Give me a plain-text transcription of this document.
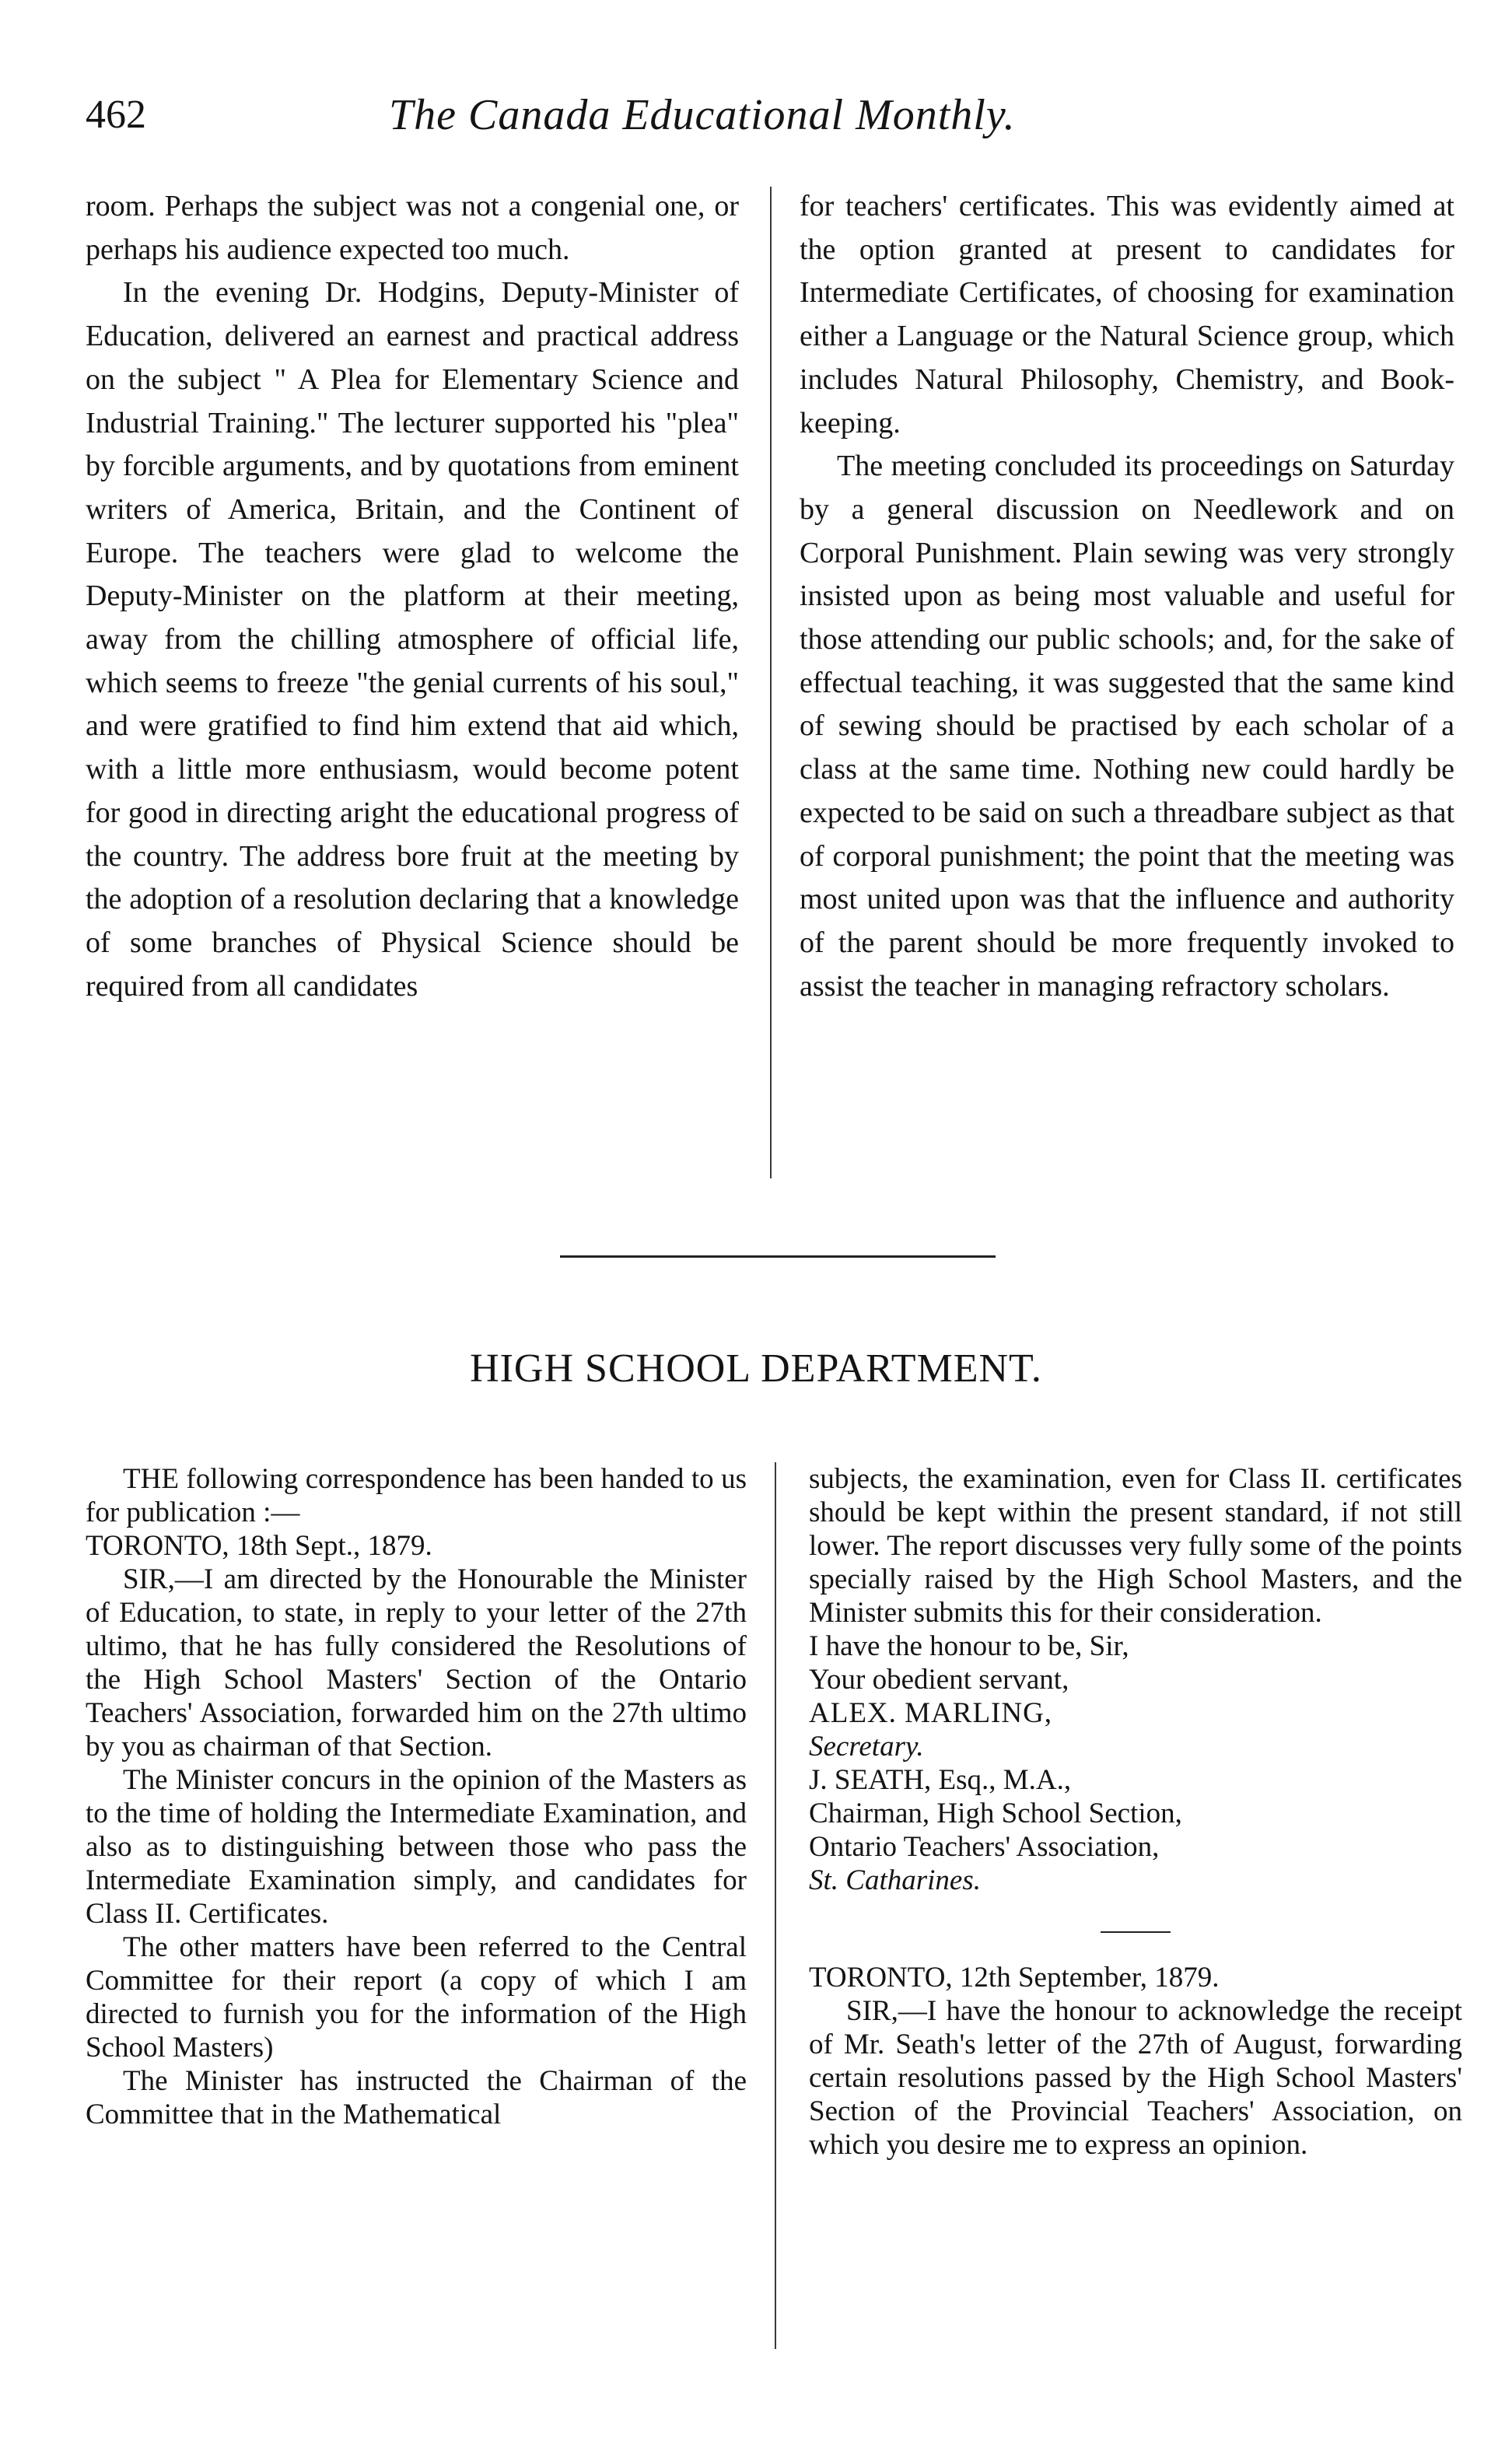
462	The Canada Educational Monthly.

room. Perhaps the subject was not a congenial one, or perhaps his audience expected too much.

In the evening Dr. Hodgins, Deputy-Minister of Education, delivered an earnest and practical address on the subject " A Plea for Elementary Science and Industrial Training." The lecturer supported his "plea" by forcible arguments, and by quotations from eminent writers of America, Britain, and the Continent of Europe. The teachers were glad to welcome the Deputy-Minister on the platform at their meeting, away from the chilling atmosphere of official life, which seems to freeze "the genial currents of his soul," and were gratified to find him extend that aid which, with a little more enthusiasm, would become potent for good in directing aright the educational progress of the country. The address bore fruit at the meeting by the adoption of a resolution declaring that a knowledge of some branches of Physical Science should be required from all candidates

for teachers' certificates. This was evidently aimed at the option granted at present to candidates for Intermediate Certificates, of choosing for examination either a Language or the Natural Science group, which includes Natural Philosophy, Chemistry, and Book-keeping.

The meeting concluded its proceedings on Saturday by a general discussion on Needlework and on Corporal Punishment. Plain sewing was very strongly insisted upon as being most valuable and useful for those attending our public schools; and, for the sake of effectual teaching, it was suggested that the same kind of sewing should be practised by each scholar of a class at the same time. Nothing new could hardly be expected to be said on such a threadbare subject as that of corporal punishment; the point that the meeting was most united upon was that the influence and authority of the parent should be more frequently invoked to assist the teacher in managing refractory scholars.

HIGH SCHOOL DEPARTMENT.

THE following correspondence has been handed to us for publication :—

TORONTO, 18th Sept., 1879.

SIR,—I am directed by the Honourable the Minister of Education, to state, in reply to your letter of the 27th ultimo, that he has fully considered the Resolutions of the High School Masters' Section of the Ontario Teachers' Association, forwarded him on the 27th ultimo by you as chairman of that Section.

The Minister concurs in the opinion of the Masters as to the time of holding the Intermediate Examination, and also as to distinguishing between those who pass the Intermediate Examination simply, and candidates for Class II. Certificates.

The other matters have been referred to the Central Committee for their report (a copy of which I am directed to furnish you for the information of the High School Masters)

The Minister has instructed the Chairman of the Committee that in the Mathematical

subjects, the examination, even for Class II. certificates should be kept within the present standard, if not still lower. The report discusses very fully some of the points specially raised by the High School Masters, and the Minister submits this for their consideration.

I have the honour to be, Sir,

Your obedient servant,

ALEX. MARLING,

Secretary.

J. SEATH, Esq., M.A.,

Chairman, High School Section,

Ontario Teachers' Association,

St. Catharines.

TORONTO, 12th September, 1879.

SIR,—I have the honour to acknowledge the receipt of Mr. Seath's letter of the 27th of August, forwarding certain resolutions passed by the High School Masters' Section of the Provincial Teachers' Association, on which you desire me to express an opinion.
